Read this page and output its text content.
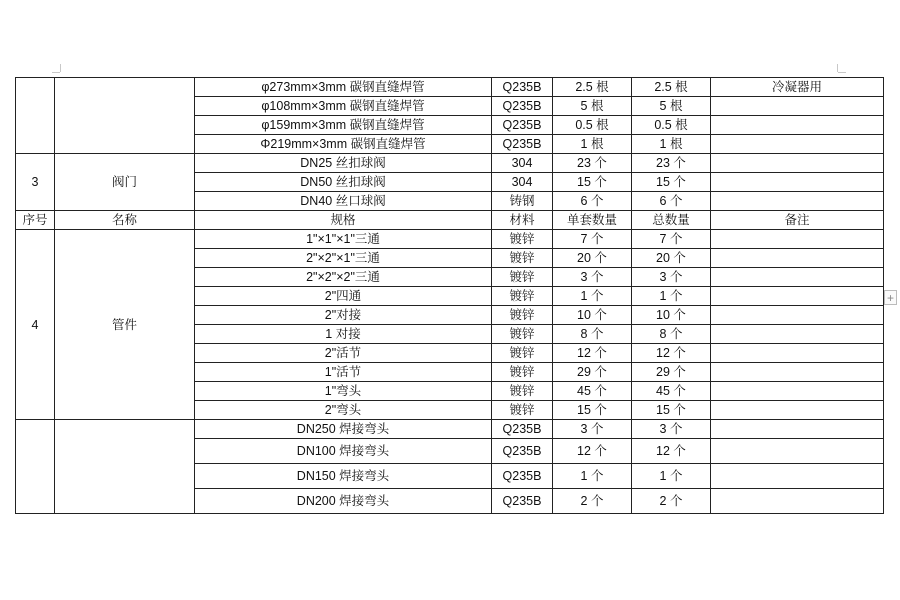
		φ273mm×3mm 碳钢直缝焊管	Q235B	2.5 根	2.5 根	冷凝器用
		φ108mm×3mm 碳钢直缝焊管	Q235B	5 根	5 根	
		φ159mm×3mm 碳钢直缝焊管	Q235B	0.5 根	0.5 根	
		Φ219mm×3mm 碳钢直缝焊管	Q235B	1 根	1 根	
3	阀门	DN25 丝扣球阀	304	23 个	23 个	
		DN50 丝扣球阀	304	15 个	15 个	
		DN40 丝口球阀	铸钢	6 个	6 个	
序号	名称	规格	材料	单套数量	总数量	备注
4	管件	1"×1"×1"三通	镀锌	7 个	7 个	
		2"×2"×1"三通	镀锌	20 个	20 个	
		2"×2"×2"三通	镀锌	3 个	3 个	
		2"四通	镀锌	1 个	1 个	
		2"对接	镀锌	10 个	10 个	
		1 对接	镀锌	8 个	8 个	
		2"活节	镀锌	12 个	12 个	
		1"活节	镀锌	29 个	29 个	
		1"弯头	镀锌	45 个	45 个	
		2"弯头	镀锌	15 个	15 个	
		DN250 焊接弯头	Q235B	3 个	3 个	
		DN100 焊接弯头	Q235B	12 个	12 个	
		DN150 焊接弯头	Q235B	1 个	1 个	
		DN200 焊接弯头	Q235B	2 个	2 个	
+
